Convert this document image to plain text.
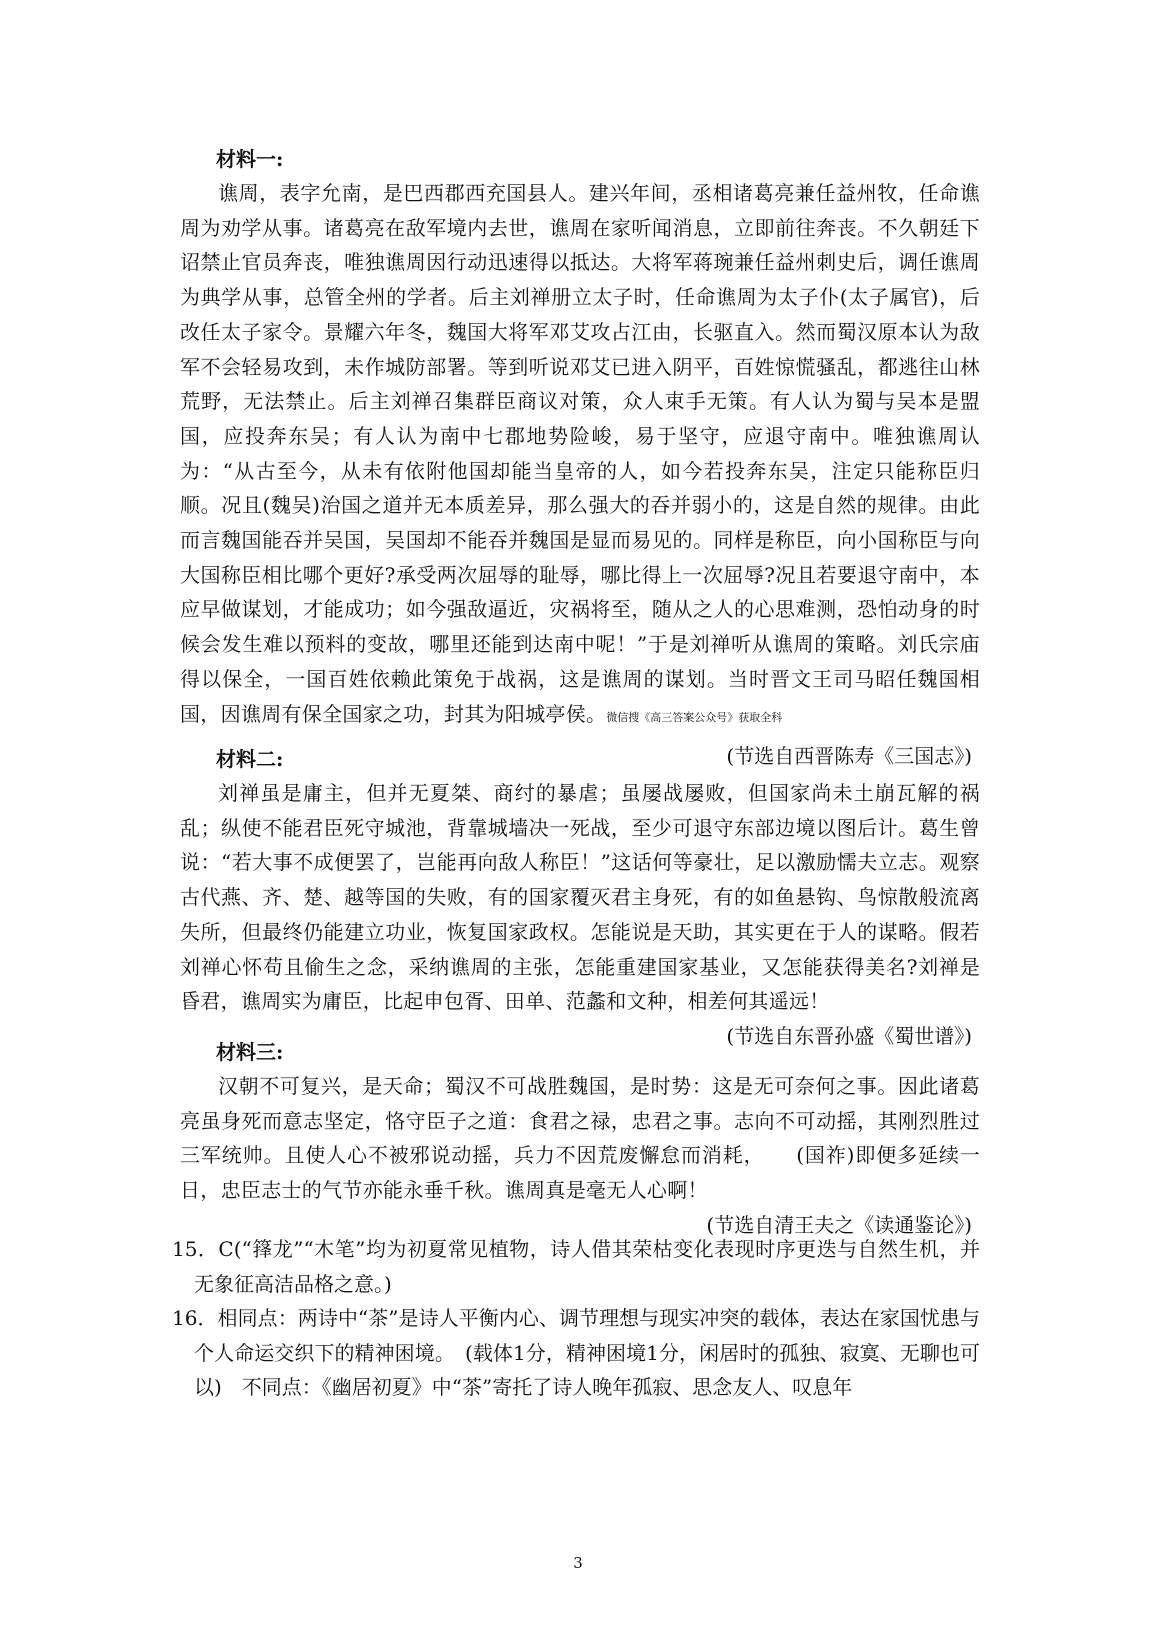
材料一:

谯周，表字允南，是巴西郡西充国县人。建兴年间，丞相诸葛亮兼任益州牧，任命谯周为劝学从事。诸葛亮在敌军境内去世，谯周在家听闻消息，立即前往奔丧。不久朝廷下诏禁止官员奔丧，唯独谯周因行动迅速得以抵达。大将军蒋琬兼任益州刺史后，调任谯周为典学从事，总管全州的学者。后主刘禅册立太子时，任命谯周为太子仆(太子属官)，后改任太子家令。景耀六年冬，魏国大将军邓艾攻占江由，长驱直入。然而蜀汉原本认为敌军不会轻易攻到，未作城防部署。等到听说邓艾已进入阴平，百姓惊慌骚乱，都逃往山林荒野，无法禁止。后主刘禅召集群臣商议对策，众人束手无策。有人认为蜀与吴本是盟国，应投奔东吴；有人认为南中七郡地势险峻，易于坚守，应退守南中。唯独谯周认为：“从古至今，从未有依附他国却能当皇帝的人，如今若投奔东吴，注定只能称臣归顺。况且(魏吴)治国之道并无本质差异，那么强大的吞并弱小的，这是自然的规律。由此而言魏国能吞并吴国，吴国却不能吞并魏国是显而易见的。同样是称臣，向小国称臣与向大国称臣相比哪个更好?承受两次屈辱的耻辱，哪比得上一次屈辱?况且若要退守南中，本应早做谋划，才能成功；如今强敌逼近，灾祸将至，随从之人的心思难测，恐怕动身的时候会发生难以预料的变故，哪里还能到达南中呢！”于是刘禅听从谯周的策略。刘氏宗庙得以保全，一国百姓依赖此策免于战祸，这是谯周的谋划。当时晋文王司马昭任魏国相国，因谯周有保全国家之功，封其为阳城亭侯。微信搜《高三答案公众号》获取全科

(节选自西晋陈寿《三国志》)

材料二:

刘禅虽是庸主，但并无夏桀、商纣的暴虐；虽屡战屡败，但国家尚未土崩瓦解的祸乱；纵使不能君臣死守城池，背靠城墙决一死战，至少可退守东部边境以图后计。葛生曾说：“若大事不成便罢了，岂能再向敌人称臣！”这话何等豪壮，足以激励懦夫立志。观察古代燕、齐、楚、越等国的失败，有的国家覆灭君主身死，有的如鱼悬钩、鸟惊散般流离失所，但最终仍能建立功业，恢复国家政权。怎能说是天助，其实更在于人的谋略。假若刘禅心怀苟且偷生之念，采纳谯周的主张，怎能重建国家基业，又怎能获得美名?刘禅是昏君，谯周实为庸臣，比起申包胥、田单、范蠡和文种，相差何其遥远！

(节选自东晋孙盛《蜀世谱》)

材料三:

汉朝不可复兴，是天命；蜀汉不可战胜魏国，是时势：这是无可奈何之事。因此诸葛亮虽身死而意志坚定，恪守臣子之道：食君之禄，忠君之事。志向不可动摇，其刚烈胜过三军统帅。且使人心不被邪说动摇，兵力不因荒废懈怠而消耗，　　(国祚)即便多延续一日，忠臣志士的气节亦能永垂千秋。谯周真是毫无人心啊！

(节选自清王夫之《读通鉴论》)

15．C(“箨龙”“木笔”均为初夏常见植物，诗人借其荣枯变化表现时序更迭与自然生机，并无象征高洁品格之意。)

16．相同点：两诗中“茶”是诗人平衡内心、调节理想与现实冲突的载体，表达在家国忧患与个人命运交织下的精神困境。　(载体1分，精神困境1分，闲居时的孤独、寂寞、无聊也可以)　不同点：《幽居初夏》中“茶”寄托了诗人晚年孤寂、思念友人、叹息年

3
